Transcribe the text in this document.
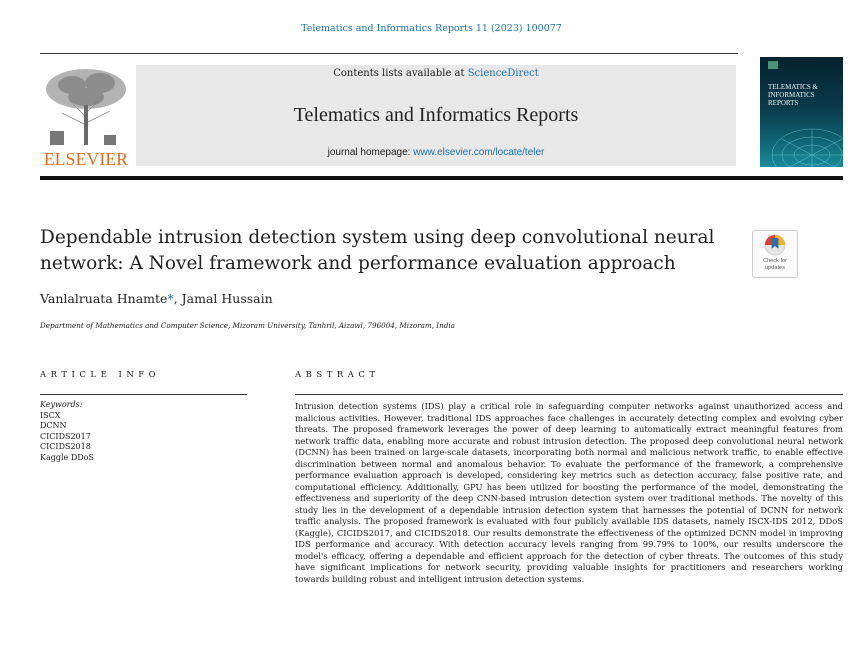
Telematics and Informatics Reports 11 (2023) 100077
ELSEVIER
Contents lists available at ScienceDirect
Telematics and Informatics Reports
journal homepage: www.elsevier.com/locate/teler
TELEMATICS & INFORMATICS REPORTS
Dependable intrusion detection system using deep convolutional neural network: A Novel framework and performance evaluation approach	Check for updates
Vanlalruata Hnamte*, Jamal Hussain
Department of Mathematics and Computer Science, Mizoram University, Tanhril, Aizawl, 796004, Mizoram, India
ARTICLE INFO	ABSTRACT
Keywords:
ISCX
DCNN
CICIDS2017
CICIDS2018
Kaggle DDoS
Intrusion detection systems (IDS) play a critical role in safeguarding computer networks against unauthorized access and malicious activities. However, traditional IDS approaches face challenges in accurately detecting complex and evolving cyber threats. The proposed framework leverages the power of deep learning to automatically extract meaningful features from network traffic data, enabling more accurate and robust intrusion detection. The proposed deep convolutional neural network (DCNN) has been trained on large-scale datasets, incorporating both normal and malicious network traffic, to enable effective discrimination between normal and anomalous behavior. To evaluate the performance of the framework, a comprehensive performance evaluation approach is developed, considering key metrics such as detection accuracy, false positive rate, and computational efficiency. Additionally, GPU has been utilized for boosting the performance of the model, demonstrating the effectiveness and superiority of the deep CNN-based intrusion detection system over traditional methods. The novelty of this study lies in the development of a dependable intrusion detection system that harnesses the potential of DCNN for network traffic analysis. The proposed framework is evaluated with four publicly available IDS datasets, namely ISCX-IDS 2012, DDoS (Kaggle), CICIDS2017, and CICIDS2018. Our results demonstrate the effectiveness of the optimized DCNN model in improving IDS performance and accuracy. With detection accuracy levels ranging from 99.79% to 100%, our results underscore the model's efficacy, offering a dependable and efficient approach for the detection of cyber threats. The outcomes of this study have significant implications for network security, providing valuable insights for practitioners and researchers working towards building robust and intelligent intrusion detection systems.
